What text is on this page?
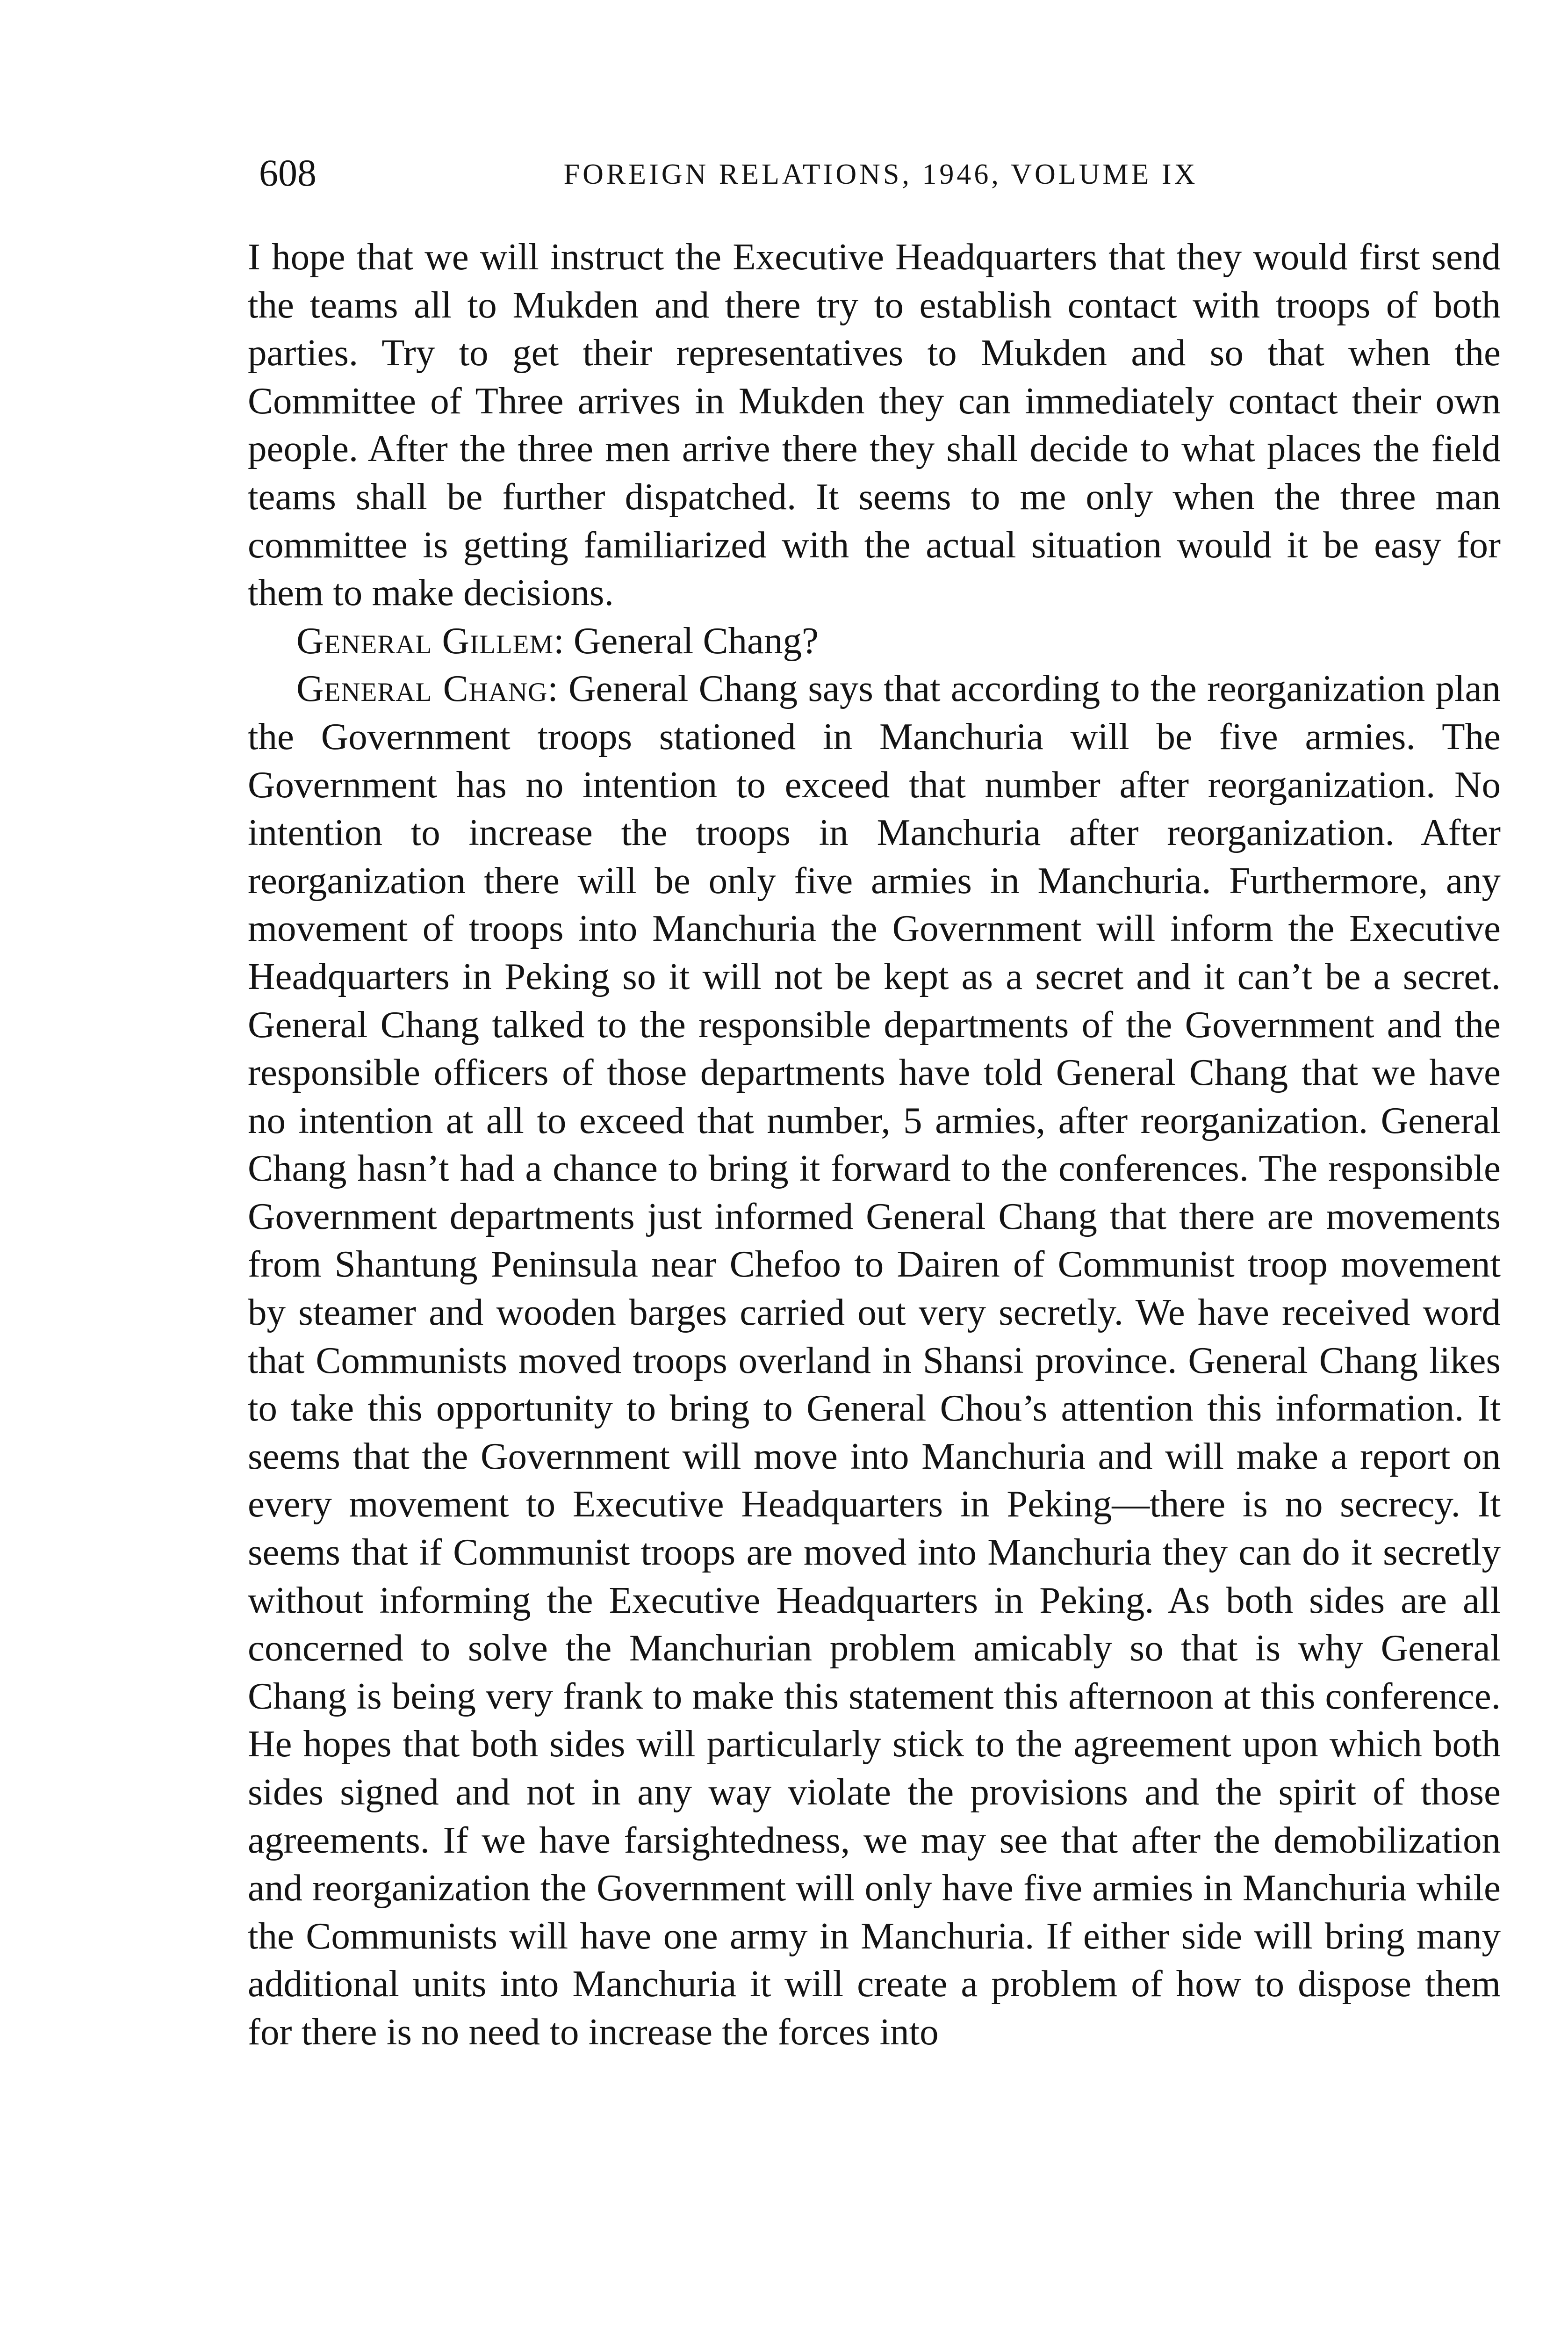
608	FOREIGN RELATIONS, 1946, VOLUME IX

I hope that we will instruct the Executive Headquarters that they would first send the teams all to Mukden and there try to establish contact with troops of both parties. Try to get their representatives to Mukden and so that when the Committee of Three arrives in Mukden they can immediately contact their own people. After the three men arrive there they shall decide to what places the field teams shall be further dispatched. It seems to me only when the three man committee is getting familiarized with the actual situation would it be easy for them to make decisions.

General Gillem: General Chang?

General Chang: General Chang says that according to the reorganization plan the Government troops stationed in Manchuria will be five armies. The Government has no intention to exceed that number after reorganization. No intention to increase the troops in Manchuria after reorganization. After reorganization there will be only five armies in Manchuria. Furthermore, any movement of troops into Manchuria the Government will inform the Executive Headquarters in Peking so it will not be kept as a secret and it can’t be a secret. General Chang talked to the responsible departments of the Government and the responsible officers of those departments have told General Chang that we have no intention at all to exceed that number, 5 armies, after reorganization. General Chang hasn’t had a chance to bring it forward to the conferences. The responsible Government departments just informed General Chang that there are movements from Shantung Peninsula near Chefoo to Dairen of Communist troop movement by steamer and wooden barges carried out very secretly. We have received word that Communists moved troops overland in Shansi province. General Chang likes to take this opportunity to bring to General Chou’s attention this information. It seems that the Government will move into Manchuria and will make a report on every movement to Executive Headquarters in Peking—there is no secrecy. It seems that if Communist troops are moved into Manchuria they can do it secretly without informing the Executive Headquarters in Peking. As both sides are all concerned to solve the Manchurian problem amicably so that is why General Chang is being very frank to make this statement this afternoon at this conference. He hopes that both sides will particularly stick to the agreement upon which both sides signed and not in any way violate the provisions and the spirit of those agreements. If we have farsightedness, we may see that after the demobilization and reorganization the Government will only have five armies in Manchuria while the Communists will have one army in Manchuria. If either side will bring many additional units into Manchuria it will create a problem of how to dispose them for there is no need to increase the forces into
